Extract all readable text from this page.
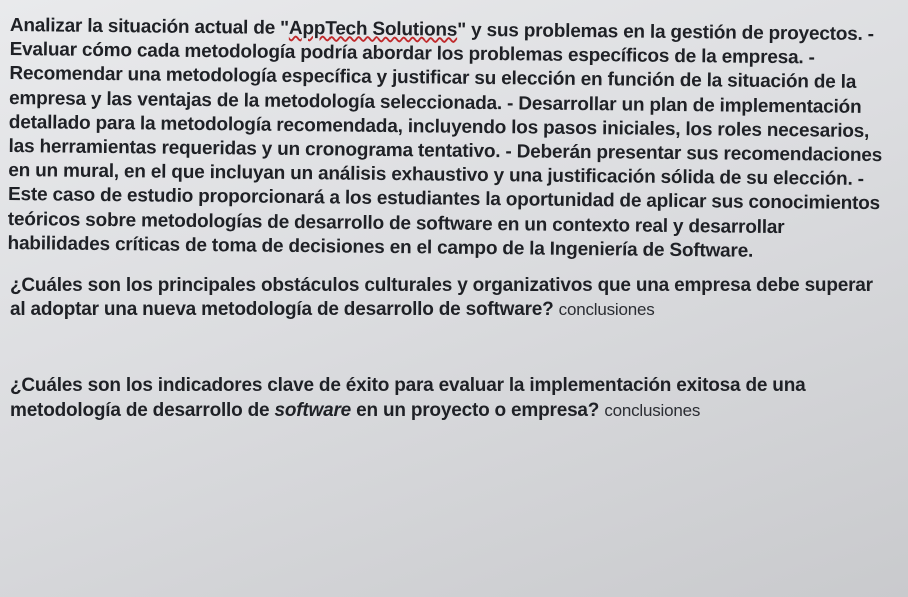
Analizar la situación actual de "AppTech Solutions" y sus problemas en la gestión de proyectos. - Evaluar cómo cada metodología podría abordar los problemas específicos de la empresa. - Recomendar una metodología específica y justificar su elección en función de la situación de la empresa y las ventajas de la metodología seleccionada. - Desarrollar un plan de implementación detallado para la metodología recomendada, incluyendo los pasos iniciales, los roles necesarios, las herramientas requeridas y un cronograma tentativo. - Deberán presentar sus recomendaciones en un mural, en el que incluyan un análisis exhaustivo y una justificación sólida de su elección. - Este caso de estudio proporcionará a los estudiantes la oportunidad de aplicar sus conocimientos teóricos sobre metodologías de desarrollo de software en un contexto real y desarrollar habilidades críticas de toma de decisiones en el campo de la Ingeniería de Software.

¿Cuáles son los principales obstáculos culturales y organizativos que una empresa debe superar al adoptar una nueva metodología de desarrollo de software? conclusiones

¿Cuáles son los indicadores clave de éxito para evaluar la implementación exitosa de una metodología de desarrollo de software en un proyecto o empresa? conclusiones
